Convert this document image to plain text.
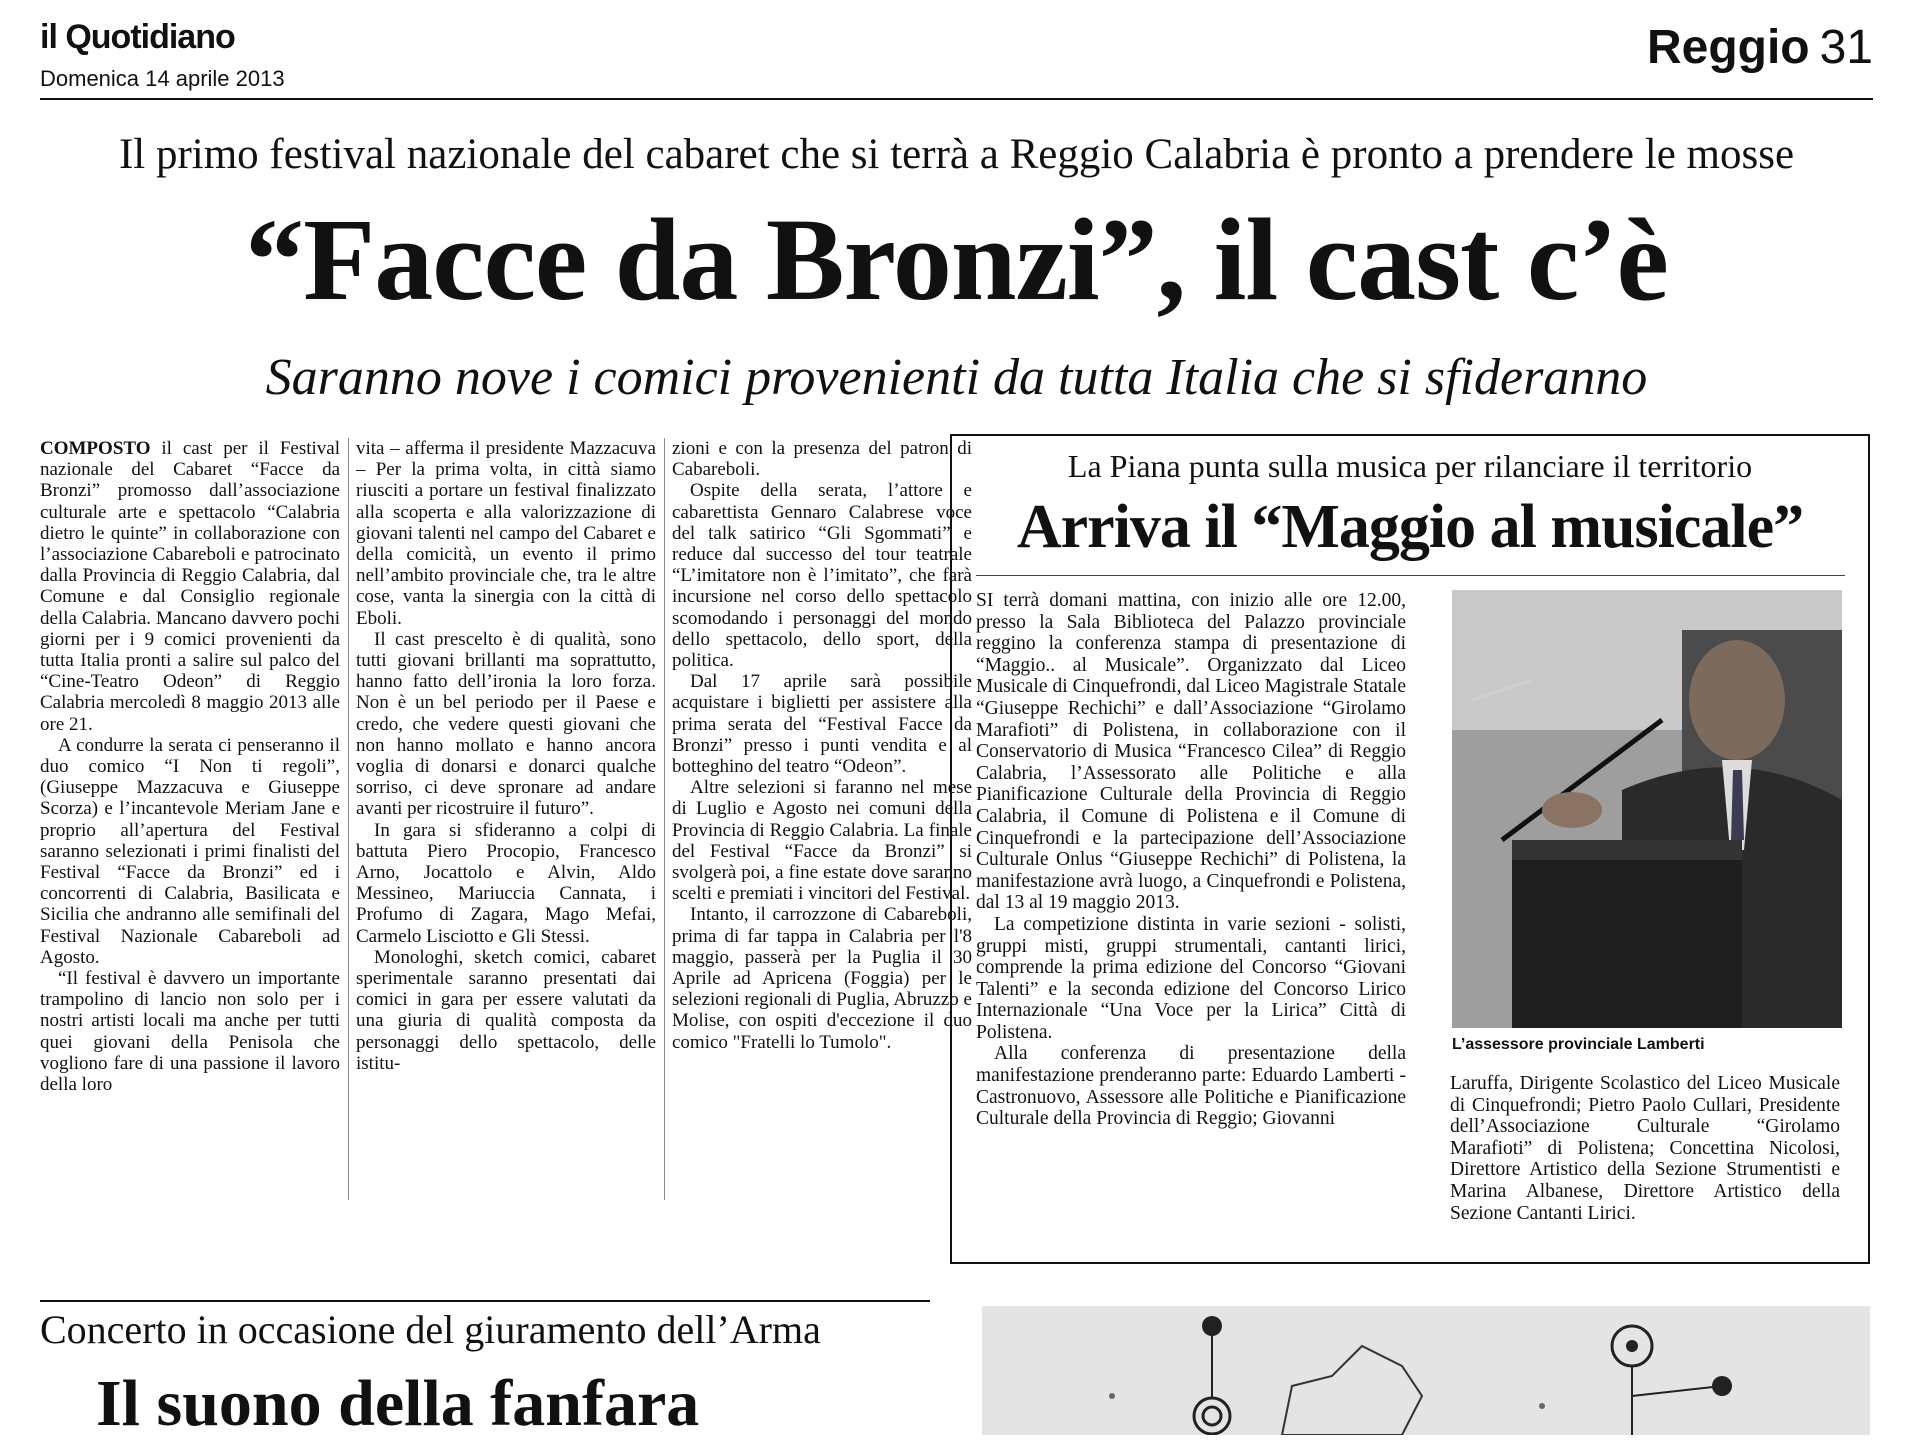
il Quotidiano
Domenica 14 aprile 2013
Reggio 31
Il primo festival nazionale del cabaret che si terrà a Reggio Calabria è pronto a prendere le mosse
“Facce da Bronzi”, il cast c’è
Saranno nove i comici provenienti da tutta Italia che si sfideranno

COMPOSTO il cast per il Festival nazionale del Cabaret “Facce da Bronzi” promosso dall’associazione culturale arte e spettacolo “Calabria dietro le quinte” in collaborazione con l’associazione Cabareboli e patrocinato dalla Provincia di Reggio Calabria, dal Comune e dal Consiglio regionale della Calabria. Mancano davvero pochi giorni per i 9 comici provenienti da tutta Italia pronti a salire sul palco del “Cine-Teatro Odeon” di Reggio Calabria mercoledì 8 maggio 2013 alle ore 21.

A condurre la serata ci penseranno il duo comico “I Non ti regoli”, (Giuseppe Mazzacuva e Giuseppe Scorza) e l’incantevole Meriam Jane e proprio all’apertura del Festival saranno selezionati i primi finalisti del Festival “Facce da Bronzi” ed i concorrenti di Calabria, Basilicata e Sicilia che andranno alle semifinali del Festival Nazionale Cabareboli ad Agosto.

“Il festival è davvero un importante trampolino di lancio non solo per i nostri artisti locali ma anche per tutti quei giovani della Penisola che vogliono fare di una passione il lavoro della loro

vita – afferma il presidente Mazzacuva – Per la prima volta, in città siamo riusciti a portare un festival finalizzato alla scoperta e alla valorizzazione di giovani talenti nel campo del Cabaret e della comicità, un evento il primo nell’ambito provinciale che, tra le altre cose, vanta la sinergia con la città di Eboli.

Il cast prescelto è di qualità, sono tutti giovani brillanti ma soprattutto, hanno fatto dell’ironia la loro forza. Non è un bel periodo per il Paese e credo, che vedere questi giovani che non hanno mollato e hanno ancora voglia di donarsi e donarci qualche sorriso, ci deve spronare ad andare avanti per ricostruire il futuro”.

In gara si sfideranno a colpi di battuta Piero Procopio, Francesco Arno, Jocattolo e Alvin, Aldo Messineo, Mariuccia Cannata, i Profumo di Zagara, Mago Mefai, Carmelo Lisciotto e Gli Stessi.

Monologhi, sketch comici, cabaret sperimentale saranno presentati dai comici in gara per essere valutati da una giuria di qualità composta da personaggi dello spettacolo, delle istitu-

zioni e con la presenza del patron di Cabareboli.

Ospite della serata, l’attore e cabarettista Gennaro Calabrese voce del talk satirico “Gli Sgommati” e reduce dal successo del tour teatrale “L’imitatore non è l’imitato”, che farà incursione nel corso dello spettacolo scomodando i personaggi del mondo dello spettacolo, dello sport, della politica.

Dal 17 aprile sarà possibile acquistare i biglietti per assistere alla prima serata del “Festival Facce da Bronzi” presso i punti vendita e al botteghino del teatro “Odeon”.

Altre selezioni si faranno nel mese di Luglio e Agosto nei comuni della Provincia di Reggio Calabria. La finale del Festival “Facce da Bronzi” si svolgerà poi, a fine estate dove saranno scelti e premiati i vincitori del Festival.

Intanto, il carrozzone di Cabareboli, prima di far tappa in Calabria per l'8 maggio, passerà per la Puglia il 30 Aprile ad Apricena (Foggia) per le selezioni regionali di Puglia, Abruzzo e Molise, con ospiti d'eccezione il duo comico "Fratelli lo Tumolo".

La Piana punta sulla musica per rilanciare il territorio
Arriva il “Maggio al musicale”

SI terrà domani mattina, con inizio alle ore 12.00, presso la Sala Biblioteca del Palazzo provinciale reggino la conferenza stampa di presentazione di “Maggio.. al Musicale”. Organizzato dal Liceo Musicale di Cinquefrondi, dal Liceo Magistrale Statale “Giuseppe Rechichi” e dall’Associazione “Girolamo Marafioti” di Polistena, in collaborazione con il Conservatorio di Musica “Francesco Cilea” di Reggio Calabria, l’Assessorato alle Politiche e alla Pianificazione Culturale della Provincia di Reggio Calabria, il Comune di Polistena e il Comune di Cinquefrondi e la partecipazione dell’Associazione Culturale Onlus “Giuseppe Rechichi” di Polistena, la manifestazione avrà luogo, a Cinquefrondi e Polistena, dal 13 al 19 maggio 2013.

La competizione distinta in varie sezioni - solisti, gruppi misti, gruppi strumentali, cantanti lirici, comprende la prima edizione del Concorso “Giovani Talenti” e la seconda edizione del Concorso Lirico Internazionale “Una Voce per la Lirica” Città di Polistena.

Alla conferenza di presentazione della manifestazione prenderanno parte: Eduardo Lamberti - Castronuovo, Assessore alle Politiche e Pianificazione Culturale della Provincia di Reggio; Giovanni

L’assessore provinciale Lamberti
Laruffa, Dirigente Scolastico del Liceo Musicale di Cinquefrondi; Pietro Paolo Cullari, Presidente dell’Associazione Culturale “Girolamo Marafioti” di Polistena; Concettina Nicolosi, Direttore Artistico della Sezione Strumentisti e Marina Albanese, Direttore Artistico della Sezione Cantanti Lirici.
Concerto in occasione del giuramento dell’Arma
Il suono della fanfara
